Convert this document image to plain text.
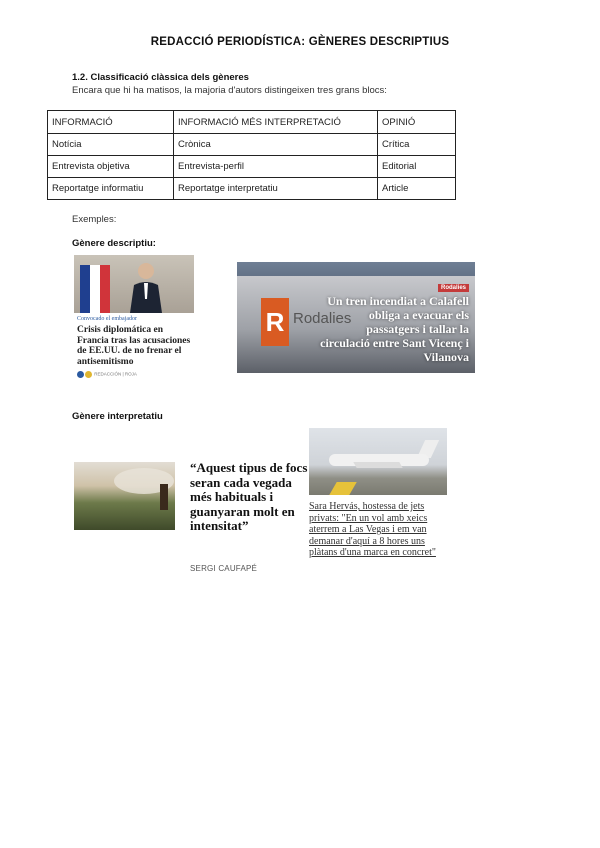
REDACCIÓ PERIODÍSTICA: GÈNERES DESCRIPTIUS
1.2. Classificació clàssica dels gèneres
Encara que hi ha matisos, la majoria d'autors distingeixen tres grans blocs:
INFORMACIÓ	INFORMACIÓ MÉS INTERPRETACIÓ	OPINIÓ
Notícia	Crònica	Crítica
Entrevista objetiva	Entrevista-perfil	Editorial
Reportatge informatiu	Reportatge interpretatiu	Article
Exemples:
Gènere descriptiu:
Convocado el embajador
Crisis diplomática en Francia tras las acusaciones de EE.UU. de no frenar el antisemitismo
REDACCIÓN | ROJA
R Rodalies
Rodalies
Un tren incendiat a Calafell obliga a evacuar els passatgers i tallar la circulació entre Sant Vicenç i Vilanova
Gènere interpretatiu
“Aquest tipus de focs seran cada vegada més habituals i guanyaran molt en intensitat”
SERGI CAUFAPÉ
Sara Hervás, hostessa de jets privats: "En un vol amb xeics aterrem a Las Vegas i em van demanar d'aquí a 8 hores uns plàtans d'una marca en concret"
